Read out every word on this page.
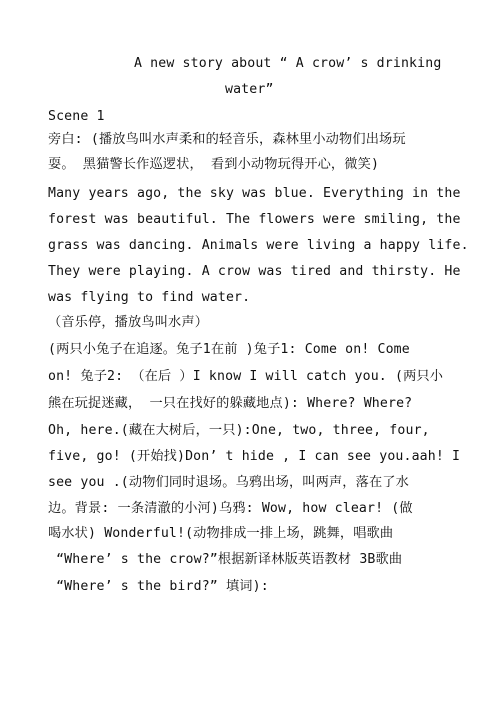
A new story about “ A crow’ s drinking
water”
Scene 1
旁白: (播放鸟叫水声柔和的轻音乐，森林里小动物们出场玩
耍。 黑猫警长作巡逻状， 看到小动物玩得开心，微笑)
Many years ago, the sky was blue. Everything in the
forest was beautiful. The flowers were smiling, the
grass was dancing. Animals were living a happy life.
They were playing. A crow was tired and thirsty. He
was flying to find water.
（音乐停，播放鸟叫水声）
(两只小兔子在追逐。兔子1在前 )兔子1: Come on! Come
on! 兔子2: （在后 ）I know I will catch you. (两只小
熊在玩捉迷藏， 一只在找好的躲藏地点): Where? Where?
Oh, here.(藏在大树后，一只):One, two, three, four,
five, go! (开始找)Don’ t hide , I can see you.aah! I
see you .(动物们同时退场。乌鸦出场，叫两声，落在了水
边。背景: 一条清澈的小河)乌鸦: Wow, how clear! (做
喝水状) Wonderful!(动物排成一排上场，跳舞，唱歌曲
“Where’ s the crow?”根据新译林版英语教材 3B歌曲
“Where’ s the bird?” 填词):
